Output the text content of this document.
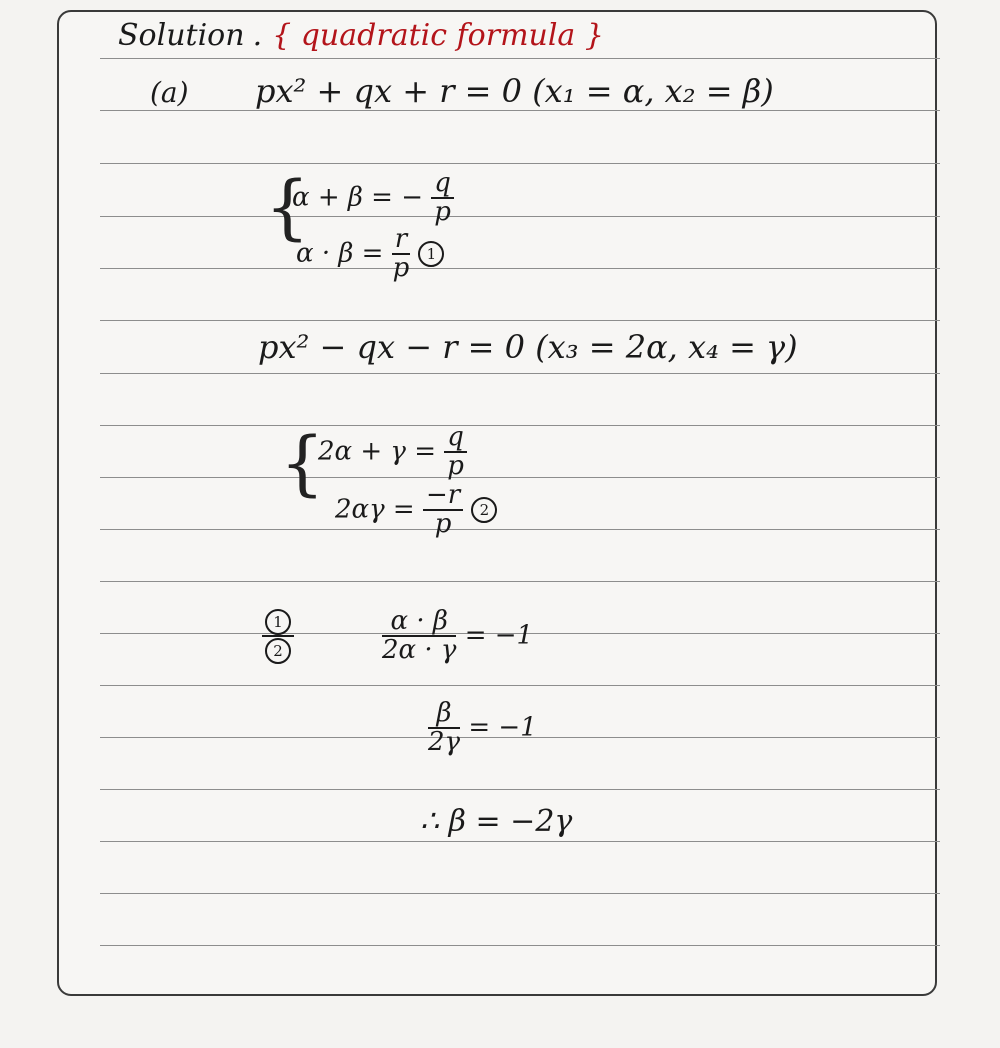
Solution . { quadratic formula }
(a) px² + qx + r = 0 (x₁ = α, x₂ = β)
{
α + β = − $\frac{q}{p}$
$\alpha \cdot \beta = \frac{r}{p} 1$
px² − qx − r = 0 (x₃ = 2α, x₄ = γ)
{
$2\alpha + \gamma = \frac{q}{p}$
$2\alpha\gamma = \frac{-r}{p} 2$
$\frac{1}{2}$	$\frac{\alpha \cdot \beta}{2\alpha \cdot \gamma} = -1$
$\frac{\beta}{2\gamma} = -1$
∴ β = −2γ
